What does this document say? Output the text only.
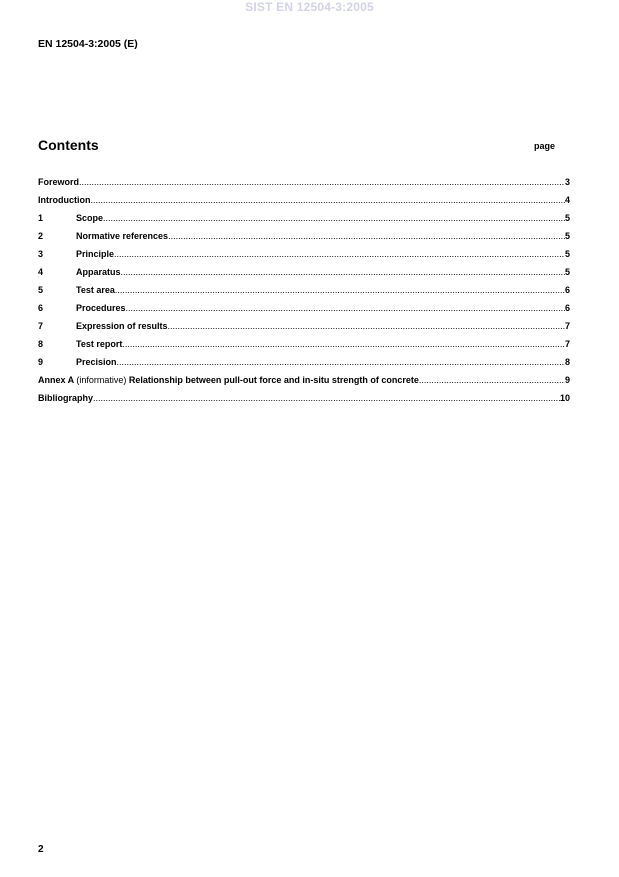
SIST EN 12504-3:2005
EN 12504-3:2005 (E)
Contents	page
Foreword .....	3
Introduction .....	4
1	Scope .....	5
2	Normative references .....	5
3	Principle .....	5
4	Apparatus .....	5
5	Test area .....	6
6	Procedures .....	6
7	Expression of results .....	7
8	Test report .....	7
9	Precision .....	8
Annex A (informative) Relationship between pull-out force and in-situ strength of concrete .....	9
Bibliography .....	10
2
